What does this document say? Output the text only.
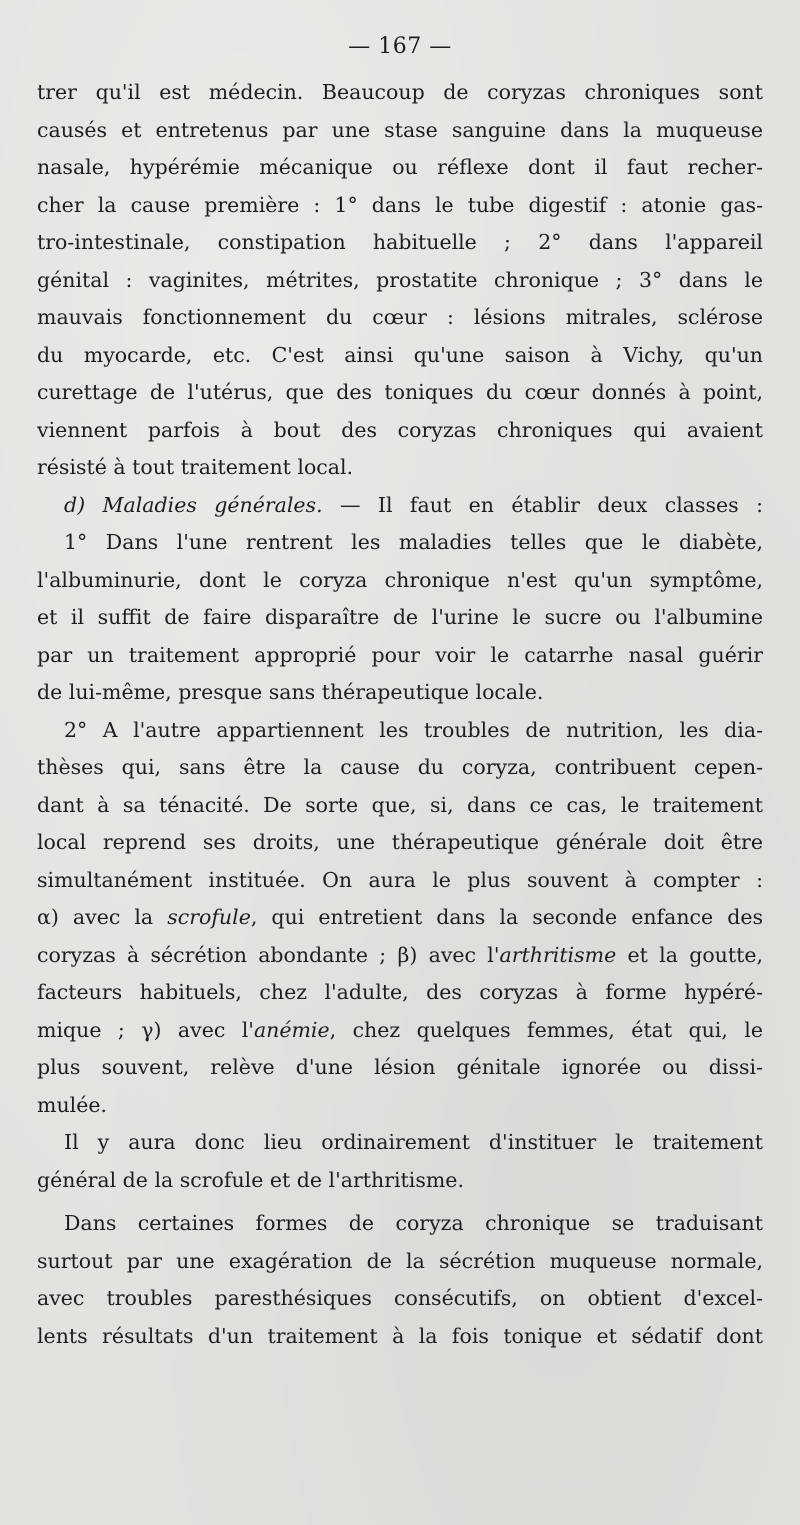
— 167 —
trer qu'il est médecin. Beaucoup de coryzas chroniques sont
causés et entretenus par une stase sanguine dans la muqueuse
nasale, hypérémie mécanique ou réflexe dont il faut recher-
cher la cause première : 1° dans le tube digestif : atonie gas-
tro-intestinale, constipation habituelle ; 2° dans l'appareil
génital : vaginites, métrites, prostatite chronique ; 3° dans le
mauvais fonctionnement du cœur : lésions mitrales, sclérose
du myocarde, etc. C'est ainsi qu'une saison à Vichy, qu'un
curettage de l'utérus, que des toniques du cœur donnés à point,
viennent parfois à bout des coryzas chroniques qui avaient
résisté à tout traitement local.
d) Maladies générales. — Il faut en établir deux classes :
1° Dans l'une rentrent les maladies telles que le diabète,
l'albuminurie, dont le coryza chronique n'est qu'un symptôme,
et il suffit de faire disparaître de l'urine le sucre ou l'albumine
par un traitement approprié pour voir le catarrhe nasal guérir
de lui-même, presque sans thérapeutique locale.
2° A l'autre appartiennent les troubles de nutrition, les dia-
thèses qui, sans être la cause du coryza, contribuent cepen-
dant à sa ténacité. De sorte que, si, dans ce cas, le traitement
local reprend ses droits, une thérapeutique générale doit être
simultanément instituée. On aura le plus souvent à compter :
α) avec la scrofule, qui entretient dans la seconde enfance des
coryzas à sécrétion abondante ; β) avec l'arthritisme et la goutte,
facteurs habituels, chez l'adulte, des coryzas à forme hypéré-
mique ; γ) avec l'anémie, chez quelques femmes, état qui, le
plus souvent, relève d'une lésion génitale ignorée ou dissi-
mulée.
Il y aura donc lieu ordinairement d'instituer le traitement
général de la scrofule et de l'arthritisme.
Dans certaines formes de coryza chronique se traduisant
surtout par une exagération de la sécrétion muqueuse normale,
avec troubles paresthésiques consécutifs, on obtient d'excel-
lents résultats d'un traitement à la fois tonique et sédatif dont
